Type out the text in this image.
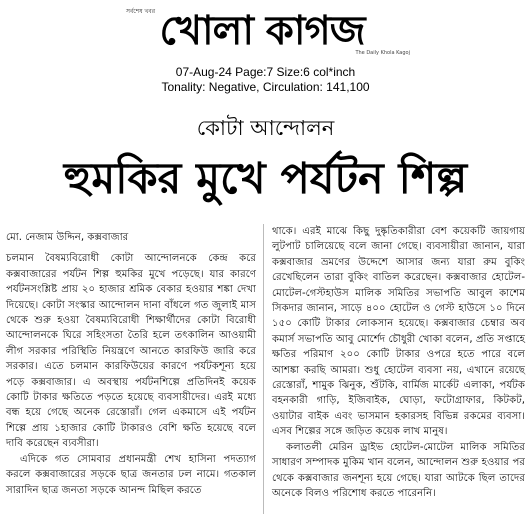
সর্বশেষ খবর খোলা কাগজ
The Daily Khola Kagoj
07-Aug-24 Page:7 Size:6 col*inch
Tonality: Negative, Circulation: 141,100
কোটা আন্দোলন
হুমকির মুখে পর্যটন শিল্প

মো. নেজাম উদ্দিন, কক্সবাজার

চলমান বৈষম্যবিরোধী কোটা আন্দোলনকে কেন্দ্র করে কক্সবাজারের পর্যটন শিল্প হুমকির মুখে পড়েছে। যার কারণে পর্যটনসংশ্লিষ্ট প্রায় ২০ হাজার শ্রমিক বেকার হওয়ার শঙ্কা দেখা দিয়েছে। কোটা সংস্কার আন্দোলন দানা বাঁধলে গত জুলাই মাস থেকে শুরু হওয়া বৈষম্যবিরোধী শিক্ষার্থীদের কোটা বিরোধী আন্দোলনকে ঘিরে সহিংসতা তৈরি হলে তৎকালিন আওয়ামী লীগ সরকার পরিস্থিতি নিয়ন্ত্রণে আনতে কারফিউ জারি করে সরকার। এতে চলমান কারফিউয়ের কারণে পর্যটকশূন্য হয়ে পড়ে কক্সবাজার। এ অবস্থায় পর্যটনশিল্পে প্রতিদিনই কয়েক কোটি টাকার ক্ষতিতে পড়তে হয়েছে ব্যবসায়ীদের। এরই মধ্যে বন্ধ হয়ে গেছে অনেক রেস্তোরাঁ। গেল একমাসে এই পর্যটন শিল্পে প্রায় ১হাজার কোটি টাকারও বেশি ক্ষতি হয়েছে বলে দাবি করেছেন ব্যবসীরা।

এদিকে গত সোমবার প্রধানমন্ত্রী শেখ হাসিনা পদত্যাগ করলে কক্সবাজারের সড়কে ছাত্র জনতার ঢল নামে। গতকাল সারাদিন ছাত্র জনতা সড়কে আনন্দ মিছিল করতে

থাকে। এরই মাঝে কিছু দুষ্কৃতিকারীরা বেশ কয়েকটি জায়গায় লুটপাট চালিয়েছে বলে জানা গেছে। ব্যবসায়ীরা জানান, যারা কক্সবাজার ভ্রমণের উদ্দেশে আসার জন্য যারা রুম বুকিং রেখেছিলেন তারা বুকিং বাতিল করেছেন। কক্সবাজার হোটেল-মোটেল-গেস্টহাউস মালিক সমিতির সভাপতি আবুল কাশেম সিকদার জানান, সাড়ে ৪০০ হোটেল ও গেস্ট হাউসে ১০ দিনে ১৫০ কোটি টাকার লোকসান হয়েছে। কক্সবাজার চেম্বার অব কমার্স সভাপতি আবু মোর্শেদ চৌধুরী খোকা বলেন, প্রতি সপ্তাহে ক্ষতির পরিমাণ ২০০ কোটি টাকার ওপরে হতে পারে বলে আশঙ্কা করছি আমরা। শুধু হোটেল ব্যবসা নয়, এখানে রয়েছে রেস্তোরাঁ, শামুক ঝিনুক, শুঁটকি, বার্মিজ মার্কেট এলাকা, পর্যটক বহনকারী গাড়ি, ইজিবাইক, ঘোড়া, ফটোগ্রাফার, কিটকট, ওয়াটার বাইক এবং ভাসমান হকারসহ বিভিন্ন রকমের ব্যবসা। এসব শিল্পের সঙ্গে জড়িত কয়েক লাখ মানুষ।

কলাতলী মেরিন ড্রাইভ হোটেল-মোটেল মালিক সমিতির সাধারণ সম্পাদক মুকিম খান বলেন, আন্দোলন শুরু হওয়ার পর থেকে কক্সবাজার জনশূন্য হয়ে গেছে। যারা আটকে ছিল তাদের অনেকে বিলও পরিশোধ করতে পারেননি।
